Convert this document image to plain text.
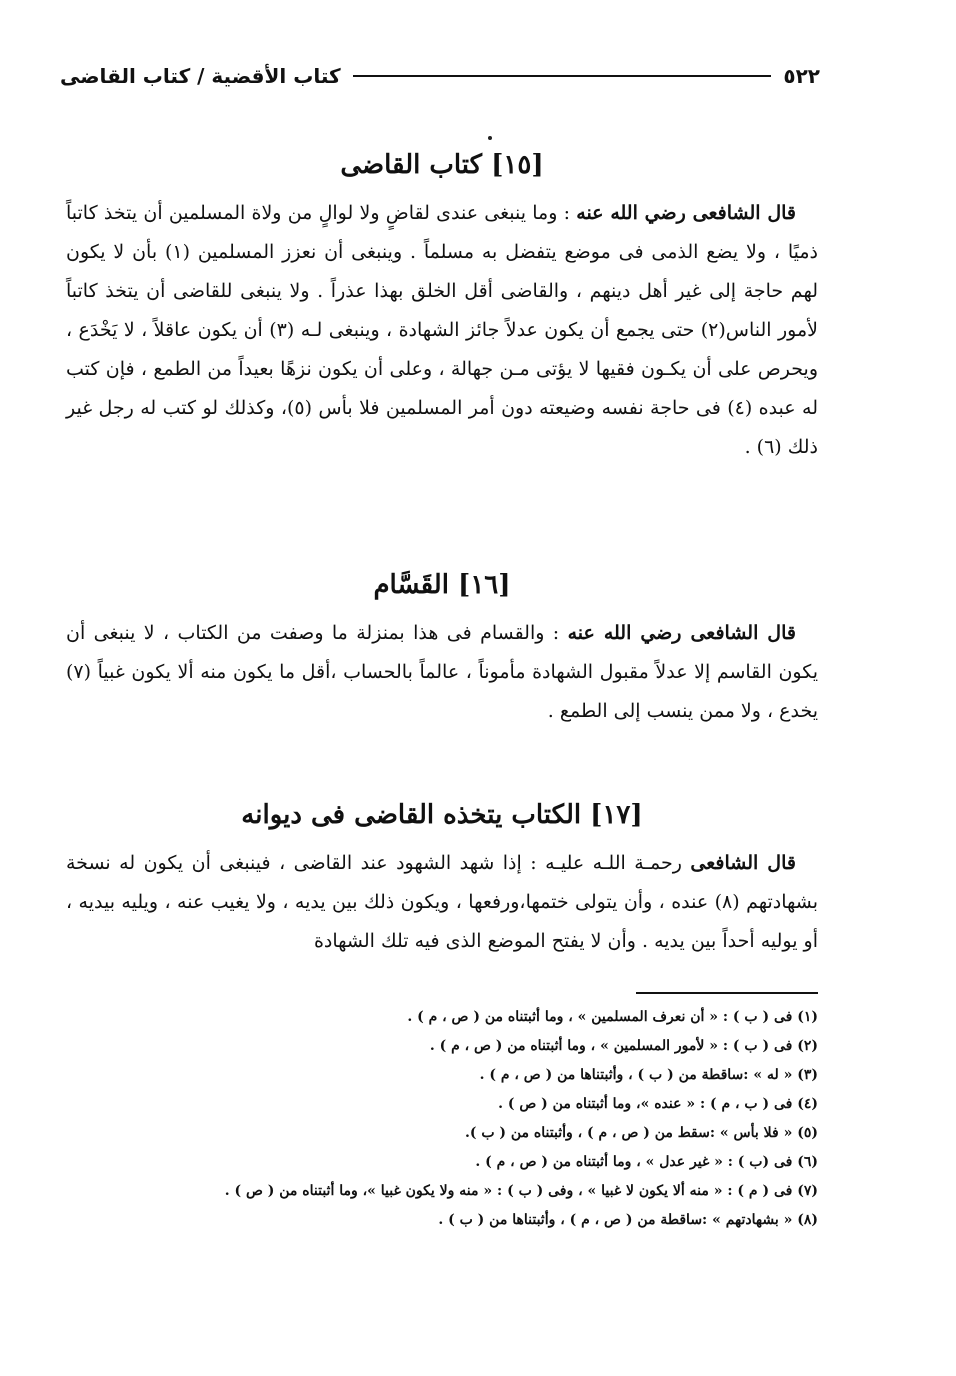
٥٢٢
كتاب الأقضية / كتاب القاضى
[١٥] كتاب القاضى

قال الشافعى رضي الله عنه : وما ينبغى عندى لقاضٍ ولا لوالٍ من ولاة المسلمين أن يتخذ كاتباً ذميًا ، ولا يضع الذمى فى موضع يتفضل به مسلماً . وينبغى أن نعزز المسلمين (١) بأن لا يكون لهم حاجة إلى غير أهل دينهم ، والقاضى أقل الخلق بهذا عذراً . ولا ينبغى للقاضى أن يتخذ كاتباً لأمور الناس(٢) حتى يجمع أن يكون عدلاً جائز الشهادة ، وينبغى لـه (٣) أن يكون عاقلاً ، لا يَخْدَع ، ويحرص على أن يكـون فقيها لا يؤتى مـن جهالة ، وعلى أن يكون نزهًا بعيداً من الطمع ، فإن كتب له عبده (٤) فى حاجة نفسه وضيعته دون أمر المسلمين فلا بأس (٥)، وكذلك لو كتب له رجل غير ذلك (٦) .

[١٦] القَسَّام

قال الشافعى رضي الله عنه : والقسام فى هذا بمنزلة ما وصفت من الكتاب ، لا ينبغى أن يكون القاسم إلا عدلاً مقبول الشهادة مأموناً ، عالماً بالحساب ،أقل ما يكون منه ألا يكون غبياً (٧) يخدع ، ولا ممن ينسب إلى الطمع .

[١٧] الكتاب يتخذه القاضى فى ديوانه

قال الشافعى رحمـة اللـه عليـه : إذا شهد الشهود عند القاضى ، فينبغى أن يكون له نسخة بشهادتهم (٨) عنده ، وأن يتولى ختمها،ورفعها ، ويكون ذلك بين يديه ، ولا يغيب عنه ، ويليه بيديه ، أو يوليه أحداً بين يديه . وأن لا يفتح الموضع الذى فيه تلك الشهادة

(١) فى ( ب ) : « أن نعرف المسلمين » ، وما أثبتناه من ( ص ، م ) .
(٢) فى ( ب ) : « لأمور المسلمين » ، وما أثبتناه من ( ص ، م ) .
(٣) « له » :ساقطة من ( ب ) ، وأثبتناها من ( ص ، م ) .
(٤) فى ( ب ، م ) : « عنده »، وما أثبتناه من ( ص ) .
(٥) « فلا بأس » :سقط من ( ص ، م ) ، وأثبتناه من ( ب ).
(٦) فى (ب ) : « غير عدل » ، وما أثبتناه من ( ص ، م ) .
(٧) فى ( م ) : « منه ألا يكون لا غبيا » ، وفى ( ب ) : « منه ولا يكون غبيا »، وما أثبتناه من ( ص ) .
(٨) « بشهادتهم » :ساقطة من ( ص ، م ) ، وأثبتناها من ( ب ) .
